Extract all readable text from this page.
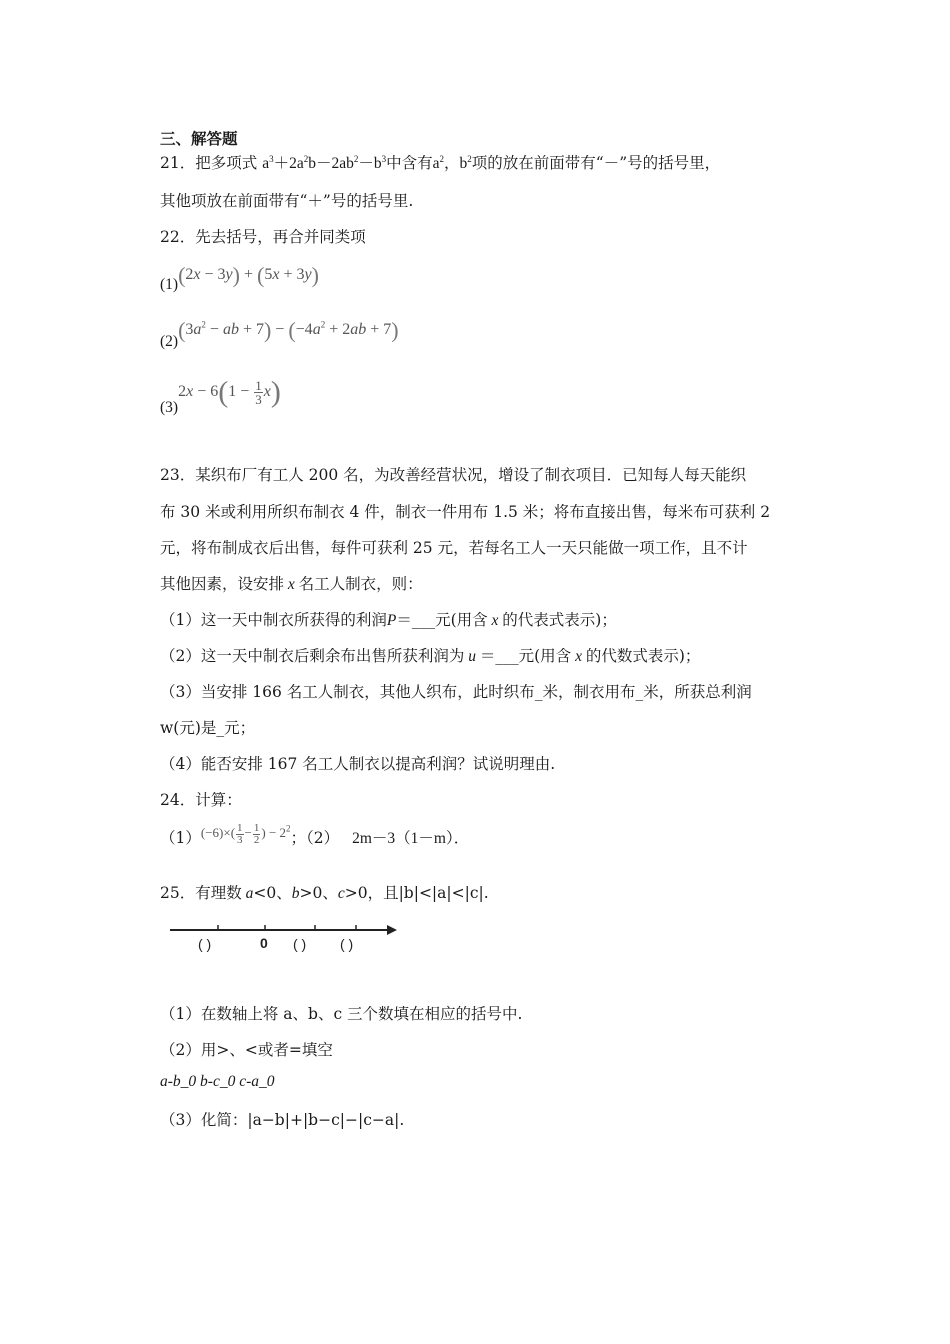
三、解答题
21．把多项式 $a^3+2a^2b-2ab^2-b^3$中含有$a^2$，$b^2$项的放在前面带有“－”号的括号里，
其他项放在前面带有“＋”号的括号里.
22．先去括号，再合并同类项
(1)(2x − 3y) + (5x + 3y)
$(2)(3a^2$ − ab + $7) - (-4a^2 + 2ab + 7)$
$(3)2x - 6(1 - \frac{1}{3} x)$
23．某织布厂有工人 200 名，为改善经营状况，增设了制衣项目．已知每人每天能织
布 30 米或利用所织布制衣 4 件，制衣一件用布 1.5 米；将布直接出售，每米布可获利 2
元，将布制成衣后出售，每件可获利 25 元，若每名工人一天只能做一项工作，且不计
其他因素，设安排 x 名工人制衣，则：
（1）这一天中制衣所获得的利润P＝___元(用含 x 的代表式表示)；
（2）这一天中制衣后剩余布出售所获利润为 u ＝___元(用含 x 的代数式表示)；
（3）当安排 166 名工人制衣，其他人织布，此时织布_米，制衣用布_米，所获总利润
w(元)是_元；
（4）能否安排 167 名工人制衣以提高利润？试说明理由.
24．计算：
$(1)^{(-6)\times( \frac{1}{3} - \frac{1}{2} ) - 2^2}$；（2） 2m－3（1－m）．
25．有理数 a<0、b>0、c>0，且|b|<|a|<|c|.
( )	0 ( ) ( )
（1）在数轴上将 a、b、c 三个数填在相应的括号中.
（2）用>、<或者=填空
a-b_0 b-c_0 c-a_0
（3）化简：|a−b|+|b−c|−|c−a|.
